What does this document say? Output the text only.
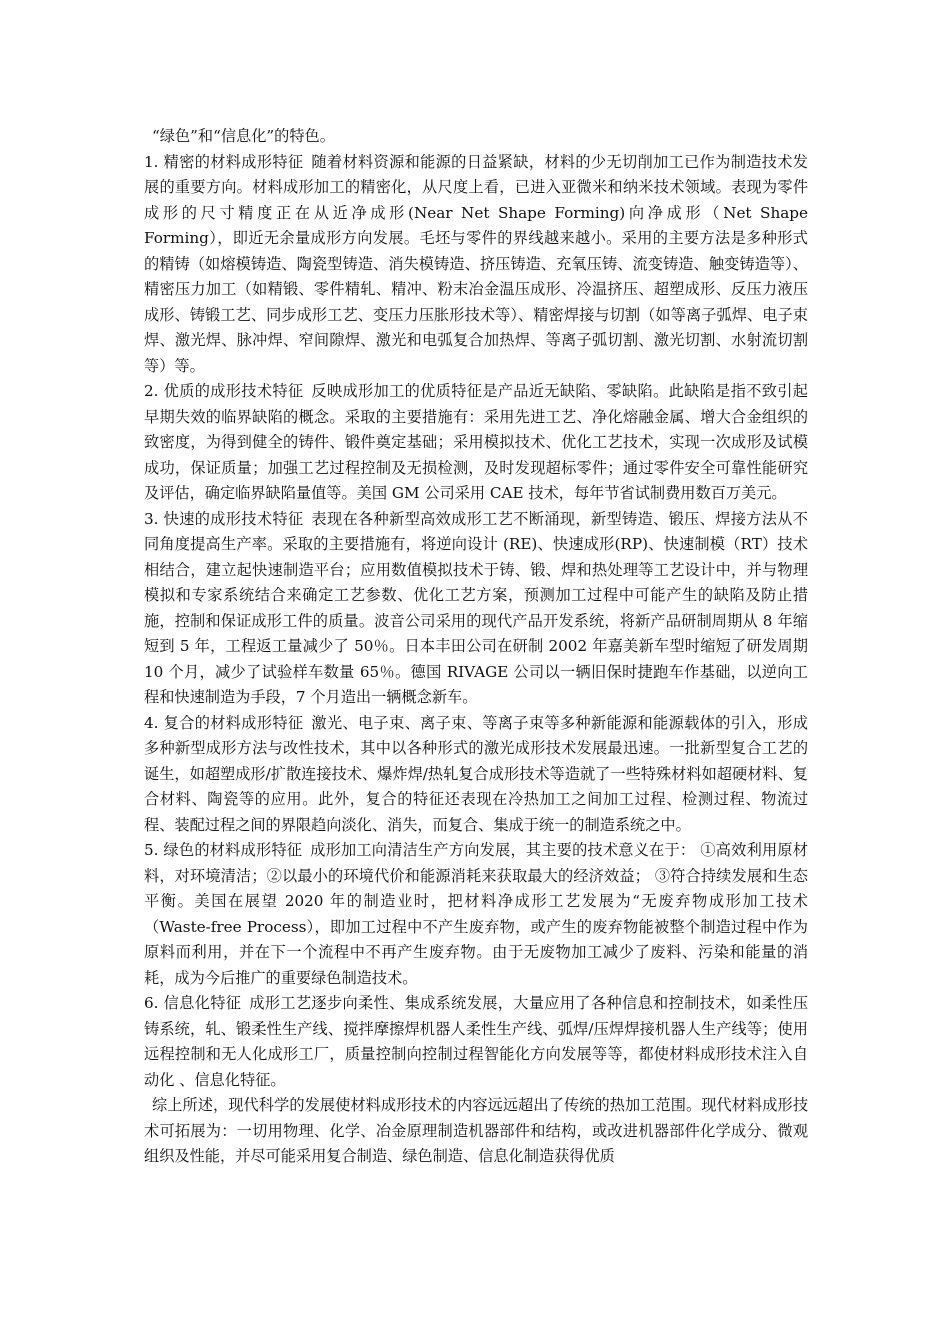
“绿色”和“信息化”的特色。

1. 精密的材料成形特征 随着材料资源和能源的日益紧缺，材料的少无切削加工已作为制造技术发展的重要方向。材料成形加工的精密化，从尺度上看，已进入亚微米和纳米技术领域。表现为零件成形的尺寸精度正在从近净成形(Near Net Shape Forming)向净成形（Net Shape Forming），即近无余量成形方向发展。毛坯与零件的界线越来越小。采用的主要方法是多种形式的精铸（如熔模铸造、陶瓷型铸造、消失模铸造、挤压铸造、充氧压铸、流变铸造、触变铸造等）、精密压力加工（如精锻、零件精轧、精冲、粉末冶金温压成形、冷温挤压、超塑成形、反压力液压成形、铸锻工艺、同步成形工艺、变压力压胀形技术等）、精密焊接与切割（如等离子弧焊、电子束焊、激光焊、脉冲焊、窄间隙焊、激光和电弧复合加热焊、等离子弧切割、激光切割、水射流切割等）等。

2. 优质的成形技术特征 反映成形加工的优质特征是产品近无缺陷、零缺陷。此缺陷是指不致引起早期失效的临界缺陷的概念。采取的主要措施有：采用先进工艺、净化熔融金属、增大合金组织的致密度，为得到健全的铸件、锻件奠定基础；采用模拟技术、优化工艺技术，实现一次成形及试模成功，保证质量；加强工艺过程控制及无损检测，及时发现超标零件；通过零件安全可靠性能研究及评估，确定临界缺陷量值等。美国 GM 公司采用 CAE 技术，每年节省试制费用数百万美元。

3. 快速的成形技术特征 表现在各种新型高效成形工艺不断涌现，新型铸造、锻压、焊接方法从不同角度提高生产率。采取的主要措施有，将逆向设计 (RE)、快速成形(RP)、快速制模（RT）技术相结合，建立起快速制造平台；应用数值模拟技术于铸、锻、焊和热处理等工艺设计中，并与物理模拟和专家系统结合来确定工艺参数、优化工艺方案，预测加工过程中可能产生的缺陷及防止措施，控制和保证成形工件的质量。波音公司采用的现代产品开发系统，将新产品研制周期从 8 年缩短到 5 年，工程返工量减少了 50％。日本丰田公司在研制 2002 年嘉美新车型时缩短了研发周期 10 个月，减少了试验样车数量 65％。德国 RIVAGE 公司以一辆旧保时捷跑车作基础，以逆向工程和快速制造为手段，7 个月造出一辆概念新车。

4. 复合的材料成形特征 激光、电子束、离子束、等离子束等多种新能源和能源载体的引入，形成多种新型成形方法与改性技术，其中以各种形式的激光成形技术发展最迅速。一批新型复合工艺的诞生，如超塑成形/扩散连接技术、爆炸焊/热轧复合成形技术等造就了一些特殊材料如超硬材料、复合材料、陶瓷等的应用。此外，复合的特征还表现在冷热加工之间加工过程、检测过程、物流过程、装配过程之间的界限趋向淡化、消失，而复合、集成于统一的制造系统之中。

5. 绿色的材料成形特征 成形加工向清洁生产方向发展，其主要的技术意义在于： ①高效利用原材料，对环境清洁；②以最小的环境代价和能源消耗来获取最大的经济效益； ③符合持续发展和生态平衡。美国在展望 2020 年的制造业时，把材料净成形工艺发展为“无废弃物成形加工技术（Waste-free Process），即加工过程中不产生废弃物，或产生的废弃物能被整个制造过程中作为原料而利用，并在下一个流程中不再产生废弃物。由于无废物加工减少了废料、污染和能量的消耗，成为今后推广的重要绿色制造技术。

6. 信息化特征 成形工艺逐步向柔性、集成系统发展，大量应用了各种信息和控制技术，如柔性压铸系统，轧、锻柔性生产线、搅拌摩擦焊机器人柔性生产线、弧焊/压焊焊接机器人生产线等；使用远程控制和无人化成形工厂，质量控制向控制过程智能化方向发展等等，都使材料成形技术注入自动化 、信息化特征。

综上所述，现代科学的发展使材料成形技术的内容远远超出了传统的热加工范围。现代材料成形技术可拓展为：一切用物理、化学、冶金原理制造机器部件和结构，或改进机器部件化学成分、微观组织及性能，并尽可能采用复合制造、绿色制造、信息化制造获得优质
